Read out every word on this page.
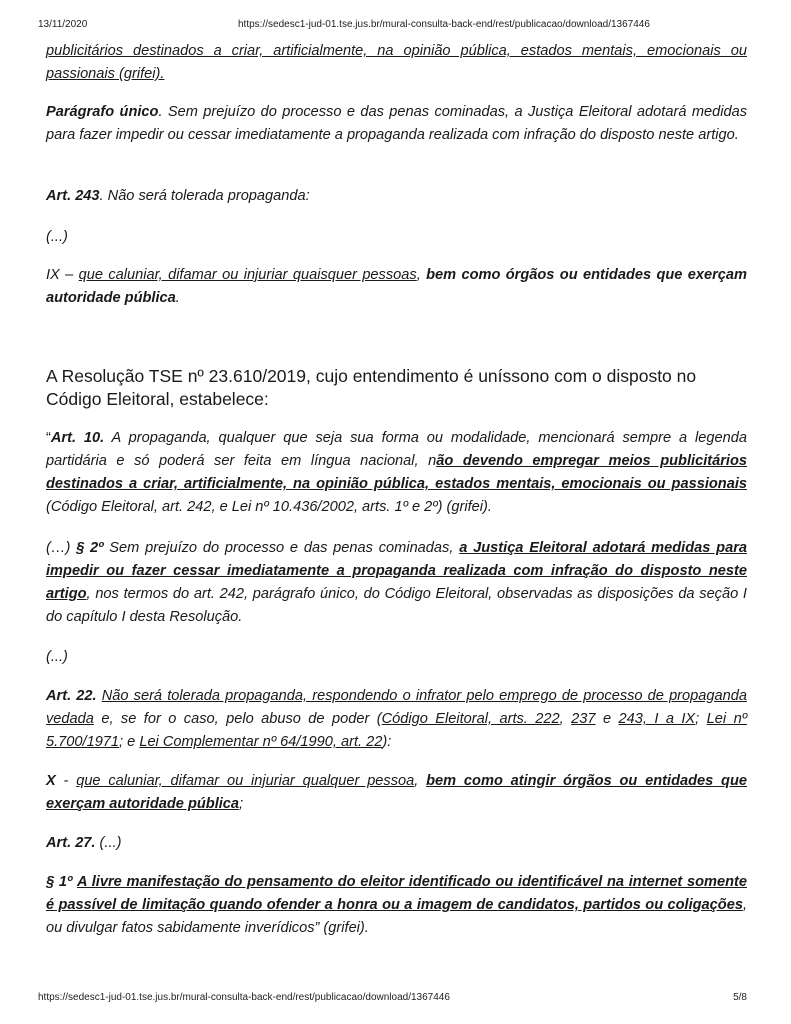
13/11/2020	https://sedesc1-jud-01.tse.jus.br/mural-consulta-back-end/rest/publicacao/download/1367446

publicitários destinados a criar, artificialmente, na opinião pública, estados mentais, emocionais ou passionais (grifei).

Parágrafo único. Sem prejuízo do processo e das penas cominadas, a Justiça Eleitoral adotará medidas para fazer impedir ou cessar imediatamente a propaganda realizada com infração do disposto neste artigo.

Art. 243. Não será tolerada propaganda:

(...)

IX – que caluniar, difamar ou injuriar quaisquer pessoas, bem como órgãos ou entidades que exerçam autoridade pública.

A Resolução TSE nº 23.610/2019, cujo entendimento é uníssono com o disposto no Código Eleitoral, estabelece:

“Art. 10. A propaganda, qualquer que seja sua forma ou modalidade, mencionará sempre a legenda partidária e só poderá ser feita em língua nacional, não devendo empregar meios publicitários destinados a criar, artificialmente, na opinião pública, estados mentais, emocionais ou passionais (Código Eleitoral, art. 242, e Lei nº 10.436/2002, arts. 1º e 2º) (grifei).

(…) § 2º Sem prejuízo do processo e das penas cominadas, a Justiça Eleitoral adotará medidas para impedir ou fazer cessar imediatamente a propaganda realizada com infração do disposto neste artigo, nos termos do art. 242, parágrafo único, do Código Eleitoral, observadas as disposições da seção I do capítulo I desta Resolução.

(...)

Art. 22. Não será tolerada propaganda, respondendo o infrator pelo emprego de processo de propaganda vedada e, se for o caso, pelo abuso de poder (Código Eleitoral, arts. 222, 237 e 243, I a IX; Lei nº 5.700/1971; e Lei Complementar nº 64/1990, art. 22):

X - que caluniar, difamar ou injuriar qualquer pessoa, bem como atingir órgãos ou entidades que exerçam autoridade pública;

Art. 27. (...)

§ 1º A livre manifestação do pensamento do eleitor identificado ou identificável na internet somente é passível de limitação quando ofender a honra ou a imagem de candidatos, partidos ou coligações, ou divulgar fatos sabidamente inverídicos” (grifei).

https://sedesc1-jud-01.tse.jus.br/mural-consulta-back-end/rest/publicacao/download/1367446	5/8
